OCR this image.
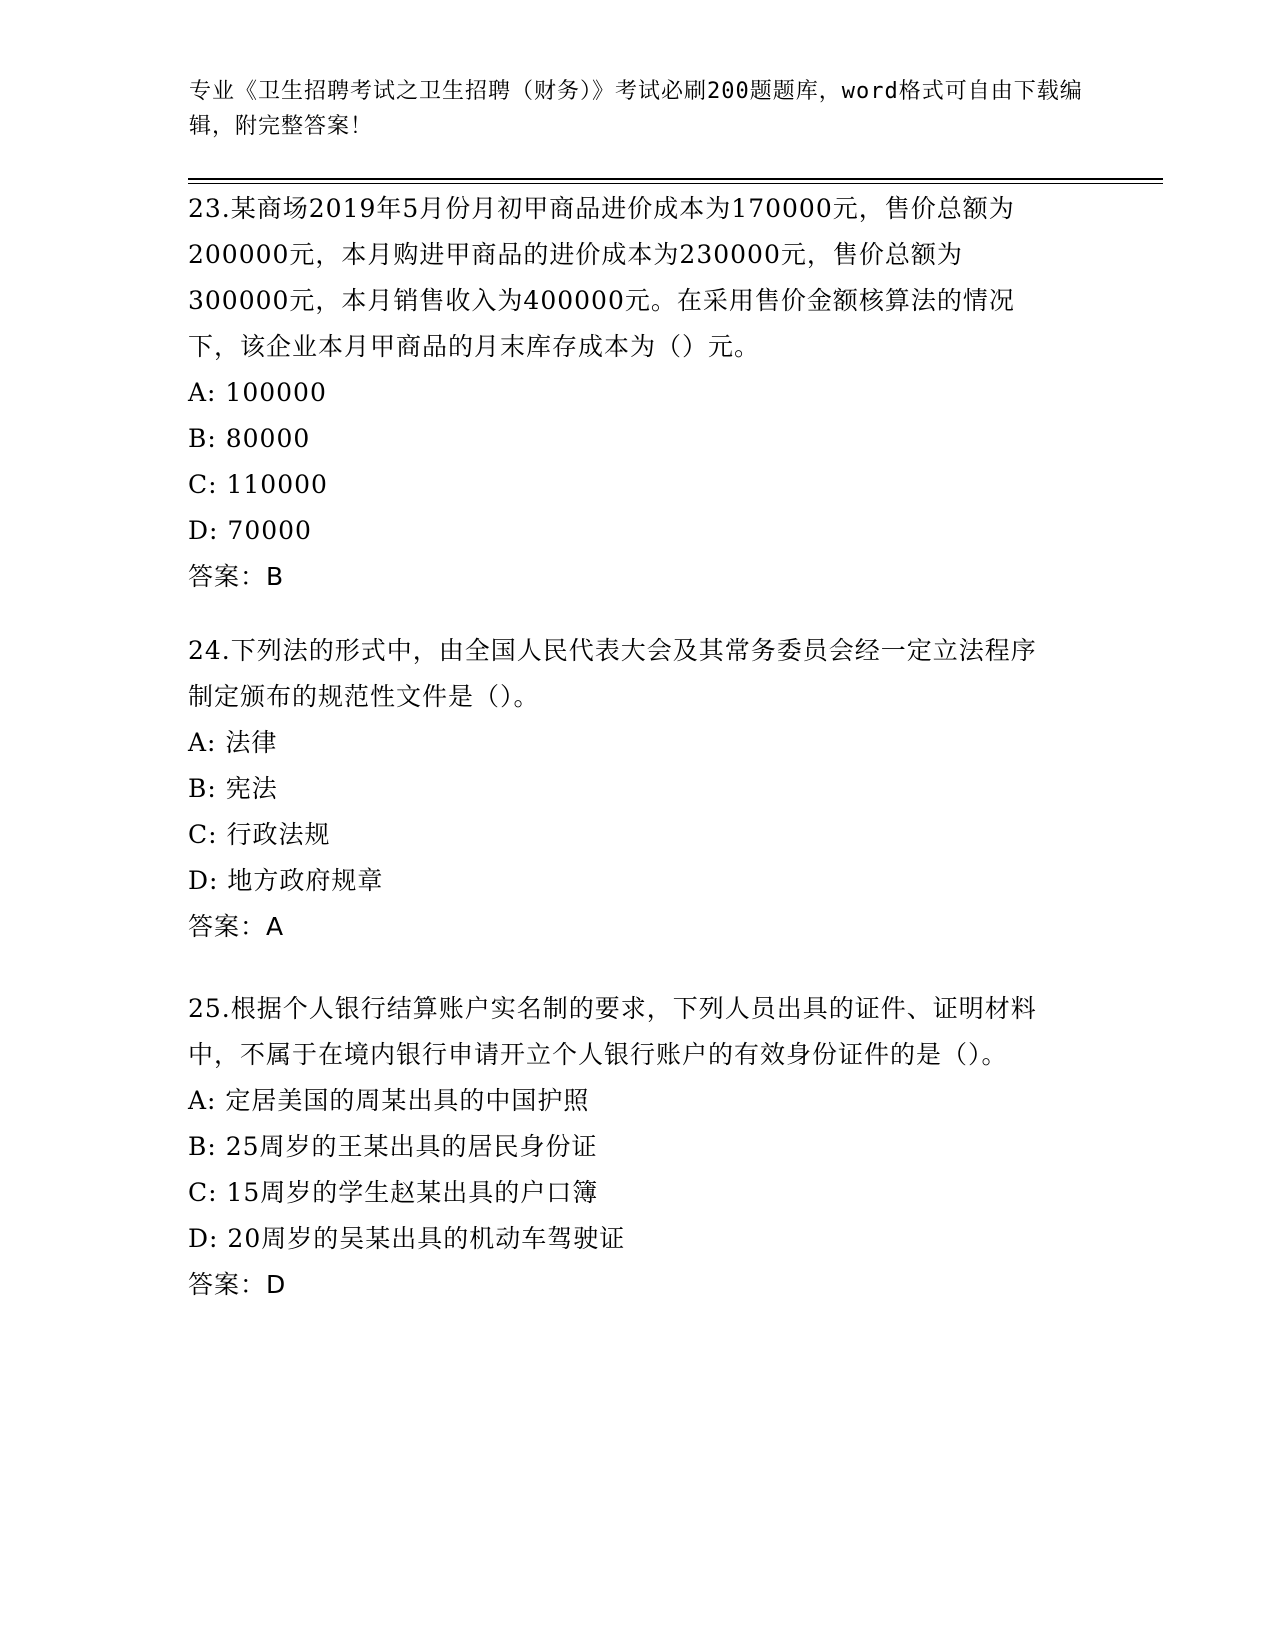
专业《卫生招聘考试之卫生招聘（财务）》考试必刷200题题库，word格式可自由下载编辑，附完整答案！

23.某商场2019年5月份月初甲商品进价成本为170000元，售价总额为200000元，本月购进甲商品的进价成本为230000元，售价总额为300000元，本月销售收入为400000元。在采用售价金额核算法的情况下，该企业本月甲商品的月末库存成本为（）元。

A: 100000

B: 80000

C: 110000

D: 70000

答案：B

24.下列法的形式中，由全国人民代表大会及其常务委员会经一定立法程序制定颁布的规范性文件是（）。

A: 法律

B: 宪法

C: 行政法规

D: 地方政府规章

答案：A

25.根据个人银行结算账户实名制的要求，下列人员出具的证件、证明材料中，不属于在境内银行申请开立个人银行账户的有效身份证件的是（）。

A: 定居美国的周某出具的中国护照

B: 25周岁的王某出具的居民身份证

C: 15周岁的学生赵某出具的户口簿

D: 20周岁的吴某出具的机动车驾驶证

答案：D
